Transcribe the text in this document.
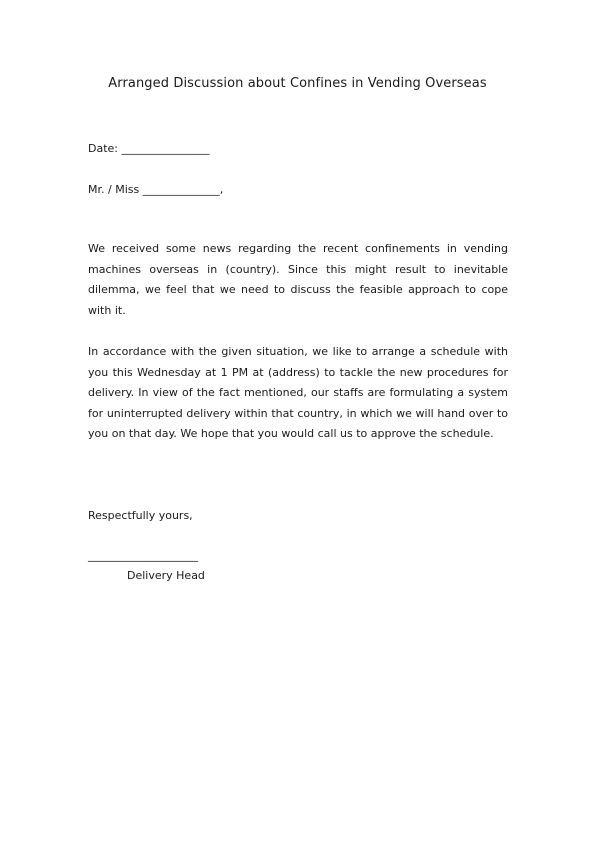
Arranged Discussion about Confines in Vending Overseas
Date: ________________
Mr. / Miss ______________,
We received some news regarding the recent confinements in vending machines overseas in (country). Since this might result to inevitable dilemma, we feel that we need to discuss the feasible approach to cope with it.
In accordance with the given situation, we like to arrange a schedule with you this Wednesday at 1 PM at (address) to tackle the new procedures for delivery. In view of the fact mentioned, our staffs are formulating a system for uninterrupted delivery within that country, in which we will hand over to you on that day. We hope that you would call us to approve the schedule.
Respectfully yours,
____________________
Delivery Head
